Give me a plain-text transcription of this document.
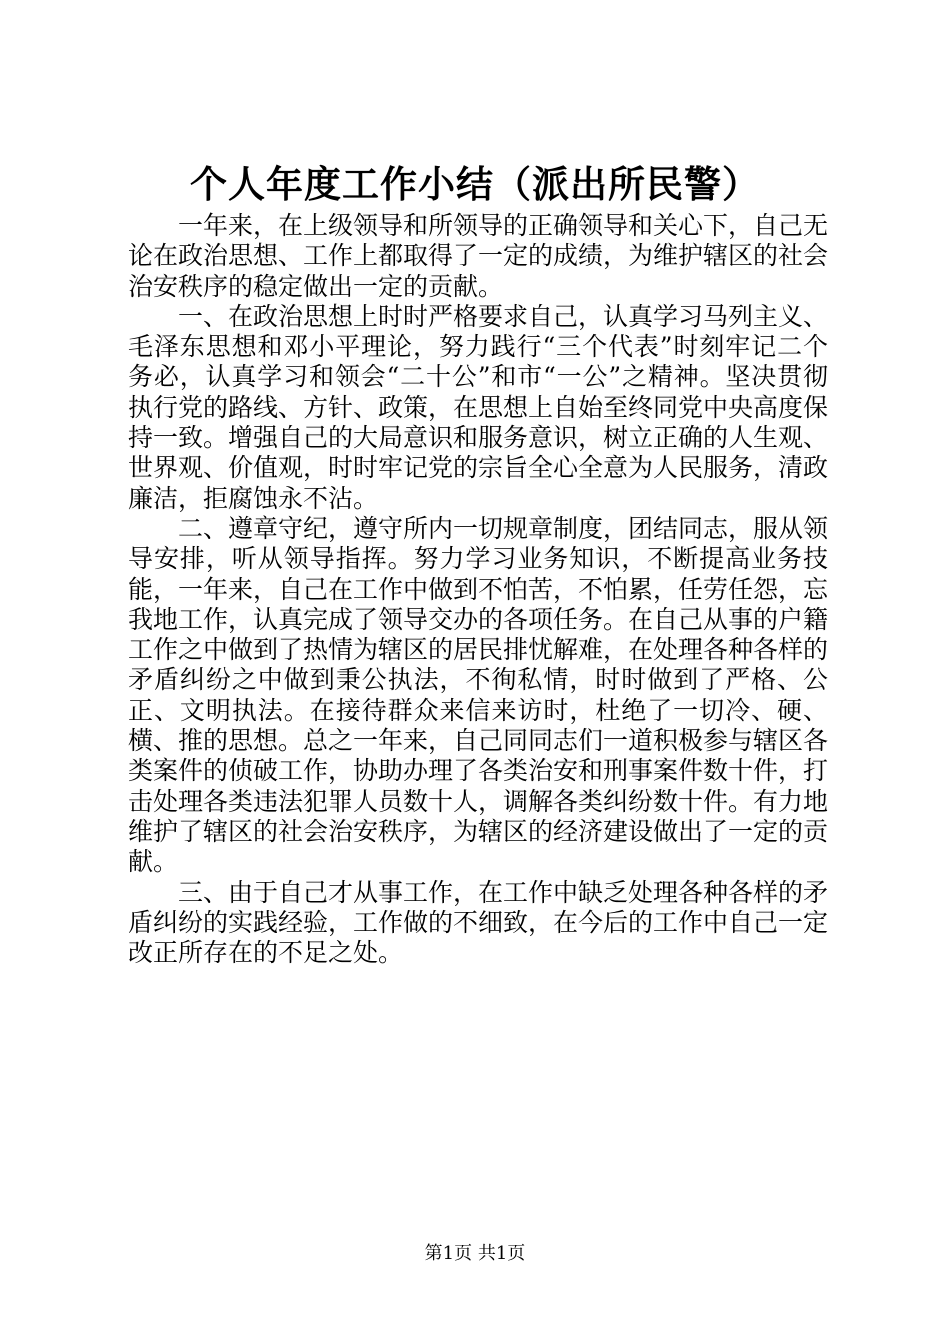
个人年度工作小结（派出所民警）

一年来，在上级领导和所领导的正确领导和关心下，自己无论在政治思想、工作上都取得了一定的成绩，为维护辖区的社会治安秩序的稳定做出一定的贡献。

一、在政治思想上时时严格要求自己，认真学习马列主义、毛泽东思想和邓小平理论，努力践行“三个代表”时刻牢记二个务必，认真学习和领会“二十公”和市“一公”之精神。坚决贯彻执行党的路线、方针、政策，在思想上自始至终同党中央高度保持一致。增强自己的大局意识和服务意识，树立正确的人生观、世界观、价值观，时时牢记党的宗旨全心全意为人民服务，清政廉洁，拒腐蚀永不沾。

二、遵章守纪，遵守所内一切规章制度，团结同志，服从领导安排，听从领导指挥。努力学习业务知识，不断提高业务技能，一年来，自己在工作中做到不怕苦，不怕累，任劳任怨，忘我地工作，认真完成了领导交办的各项任务。在自己从事的户籍工作之中做到了热情为辖区的居民排忧解难，在处理各种各样的矛盾纠纷之中做到秉公执法，不徇私情，时时做到了严格、公正、文明执法。在接待群众来信来访时，杜绝了一切冷、硬、横、推的思想。总之一年来，自己同同志们一道积极参与辖区各类案件的侦破工作，协助办理了各类治安和刑事案件数十件，打击处理各类违法犯罪人员数十人，调解各类纠纷数十件。有力地维护了辖区的社会治安秩序，为辖区的经济建设做出了一定的贡献。

三、由于自己才从事工作，在工作中缺乏处理各种各样的矛盾纠纷的实践经验，工作做的不细致，在今后的工作中自己一定改正所存在的不足之处。

第1页 共1页
